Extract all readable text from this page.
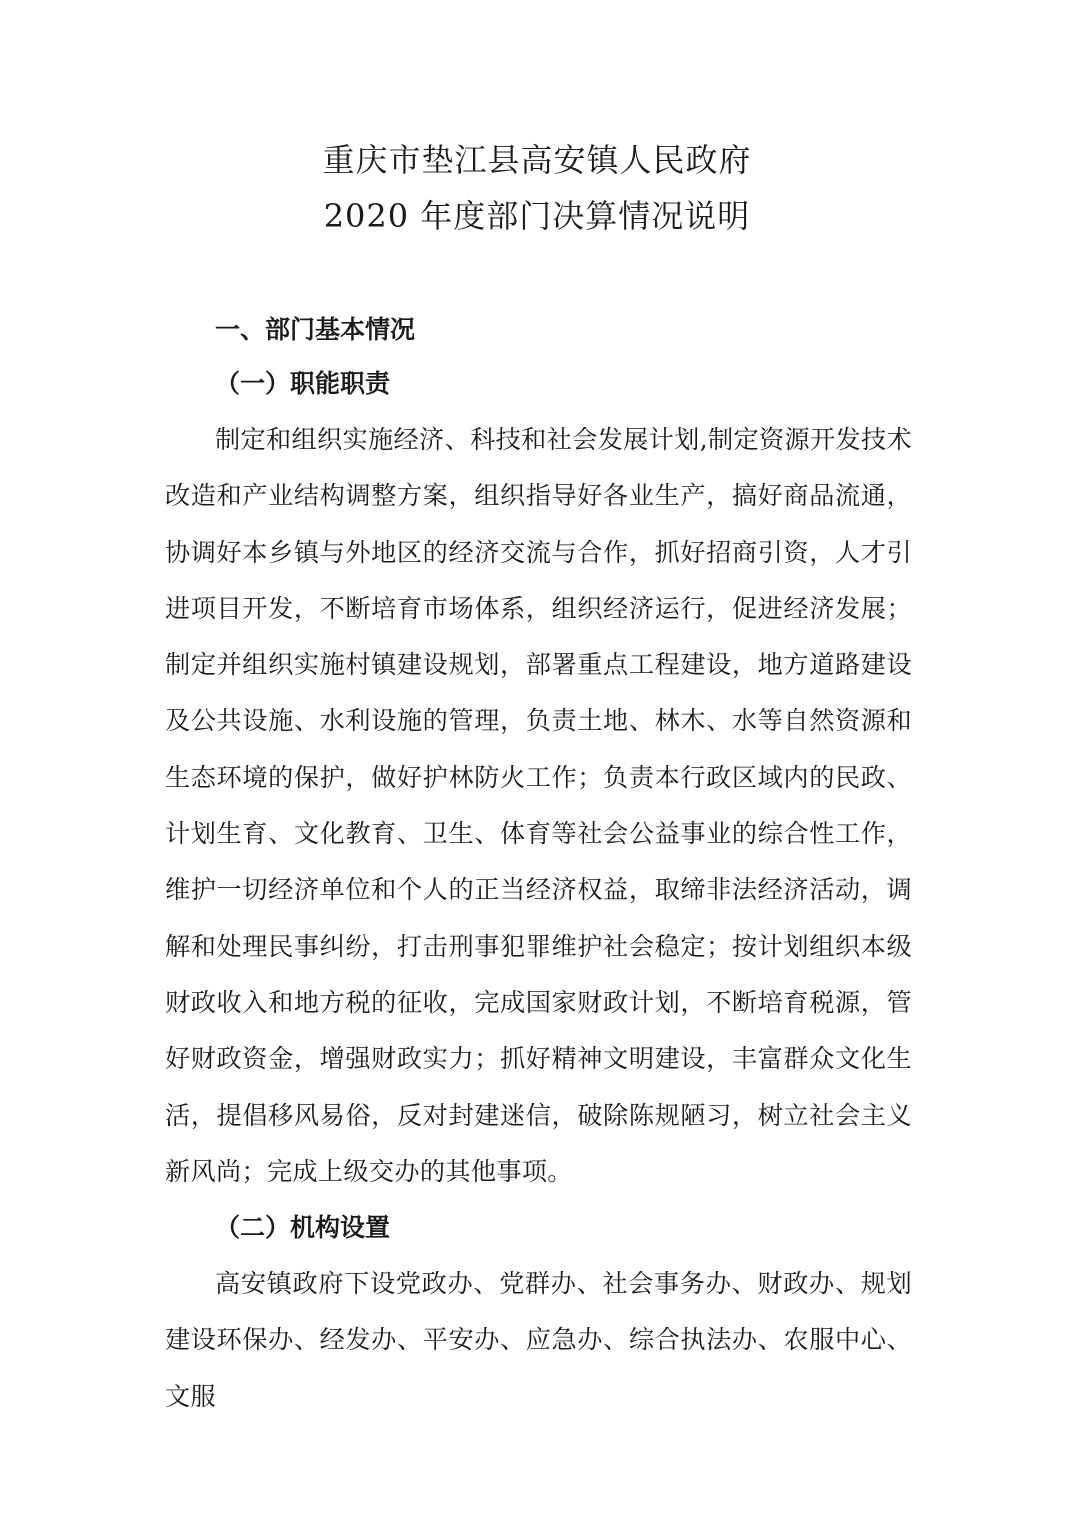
重庆市垫江县高安镇人民政府
2020 年度部门决算情况说明
一、部门基本情况
（一）职能职责
制定和组织实施经济、科技和社会发展计划,制定资源开发技术改造和产业结构调整方案，组织指导好各业生产，搞好商品流通，协调好本乡镇与外地区的经济交流与合作，抓好招商引资，人才引进项目开发，不断培育市场体系，组织经济运行，促进经济发展；制定并组织实施村镇建设规划，部署重点工程建设，地方道路建设及公共设施、水利设施的管理，负责土地、林木、水等自然资源和生态环境的保护，做好护林防火工作；负责本行政区域内的民政、计划生育、文化教育、卫生、体育等社会公益事业的综合性工作，维护一切经济单位和个人的正当经济权益，取缔非法经济活动，调解和处理民事纠纷，打击刑事犯罪维护社会稳定；按计划组织本级财政收入和地方税的征收，完成国家财政计划，不断培育税源，管好财政资金，增强财政实力；抓好精神文明建设，丰富群众文化生活，提倡移风易俗，反对封建迷信，破除陈规陋习，树立社会主义新风尚；完成上级交办的其他事项。
（二）机构设置
高安镇政府下设党政办、党群办、社会事务办、财政办、规划建设环保办、经发办、平安办、应急办、综合执法办、农服中心、文服
